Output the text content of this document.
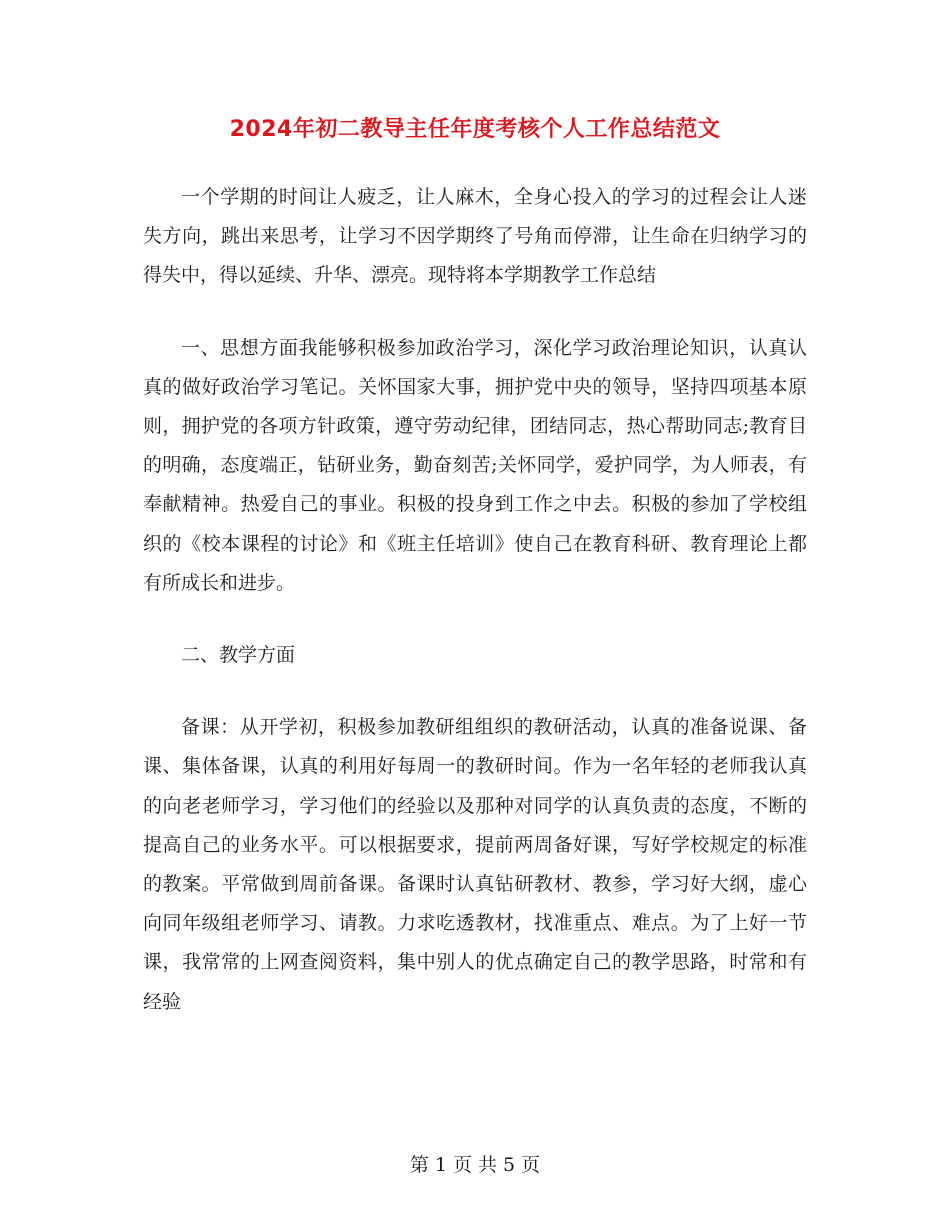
2024年初二教导主任年度考核个人工作总结范文

一个学期的时间让人疲乏，让人麻木，全身心投入的学习的过程会让人迷失方向，跳出来思考，让学习不因学期终了号角而停滞，让生命在归纳学习的得失中，得以延续、升华、漂亮。现特将本学期教学工作总结

一、思想方面我能够积极参加政治学习，深化学习政治理论知识，认真认真的做好政治学习笔记。关怀国家大事，拥护党中央的领导，坚持四项基本原则，拥护党的各项方针政策，遵守劳动纪律，团结同志，热心帮助同志;教育目的明确，态度端正，钻研业务，勤奋刻苦;关怀同学，爱护同学，为人师表，有奉献精神。热爱自己的事业。积极的投身到工作之中去。积极的参加了学校组织的《校本课程的讨论》和《班主任培训》使自己在教育科研、教育理论上都有所成长和进步。

二、教学方面

备课：从开学初，积极参加教研组组织的教研活动，认真的准备说课、备课、集体备课，认真的利用好每周一的教研时间。作为一名年轻的老师我认真的向老老师学习，学习他们的经验以及那种对同学的认真负责的态度，不断的提高自己的业务水平。可以根据要求，提前两周备好课，写好学校规定的标准的教案。平常做到周前备课。备课时认真钻研教材、教参，学习好大纲，虚心向同年级组老师学习、请教。力求吃透教材，找准重点、难点。为了上好一节课，我常常的上网查阅资料，集中别人的优点确定自己的教学思路，时常和有经验

第 1 页 共 5 页
